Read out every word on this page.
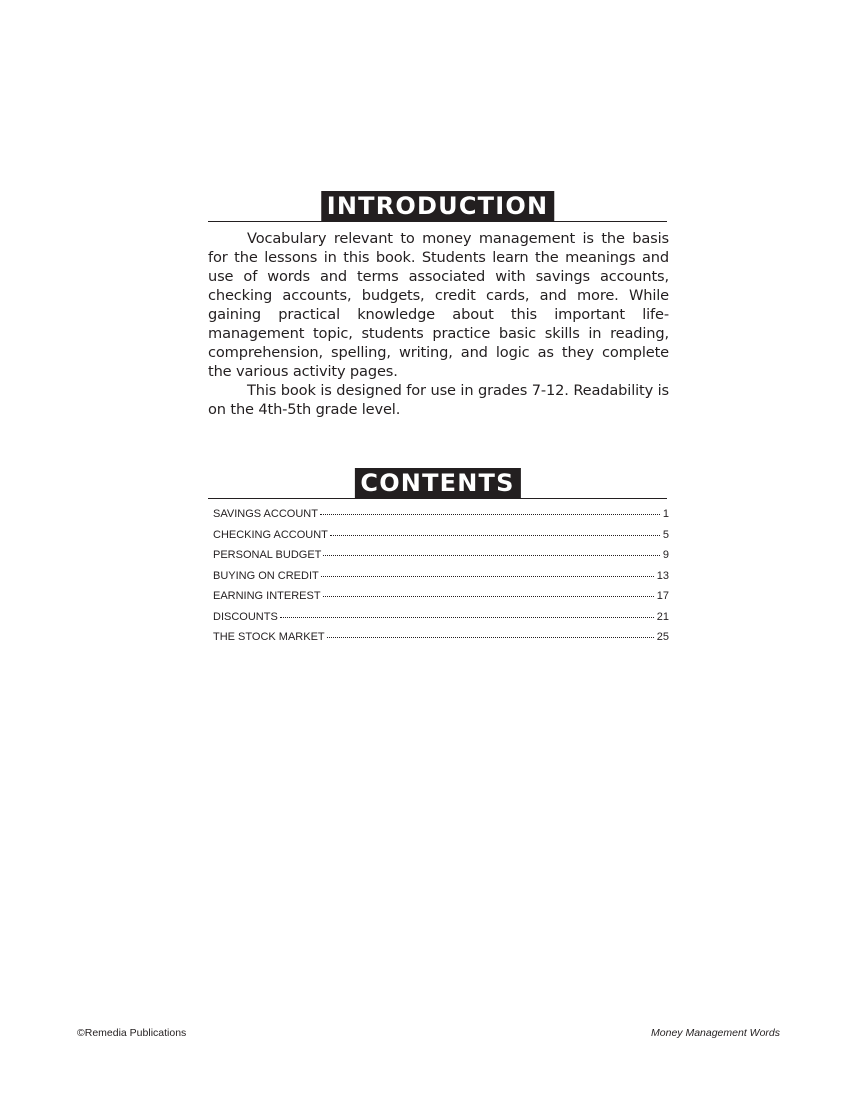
INTRODUCTION

Vocabulary relevant to money management is the basis for the lessons in this book. Students learn the meanings and use of words and terms associated with savings accounts, checking accounts, budgets, credit cards, and more. While gaining practical knowledge about this important life-management topic, students practice basic skills in reading, comprehension, spelling, writing, and logic as they complete the various activity pages.

This book is designed for use in grades 7-12. Readability is on the 4th-5th grade level.

CONTENTS
SAVINGS ACCOUNT	1
CHECKING ACCOUNT	5
PERSONAL BUDGET	9
BUYING ON CREDIT	13
EARNING INTEREST	17
DISCOUNTS	21
THE STOCK MARKET	25
©Remedia Publications	Money Management Words
